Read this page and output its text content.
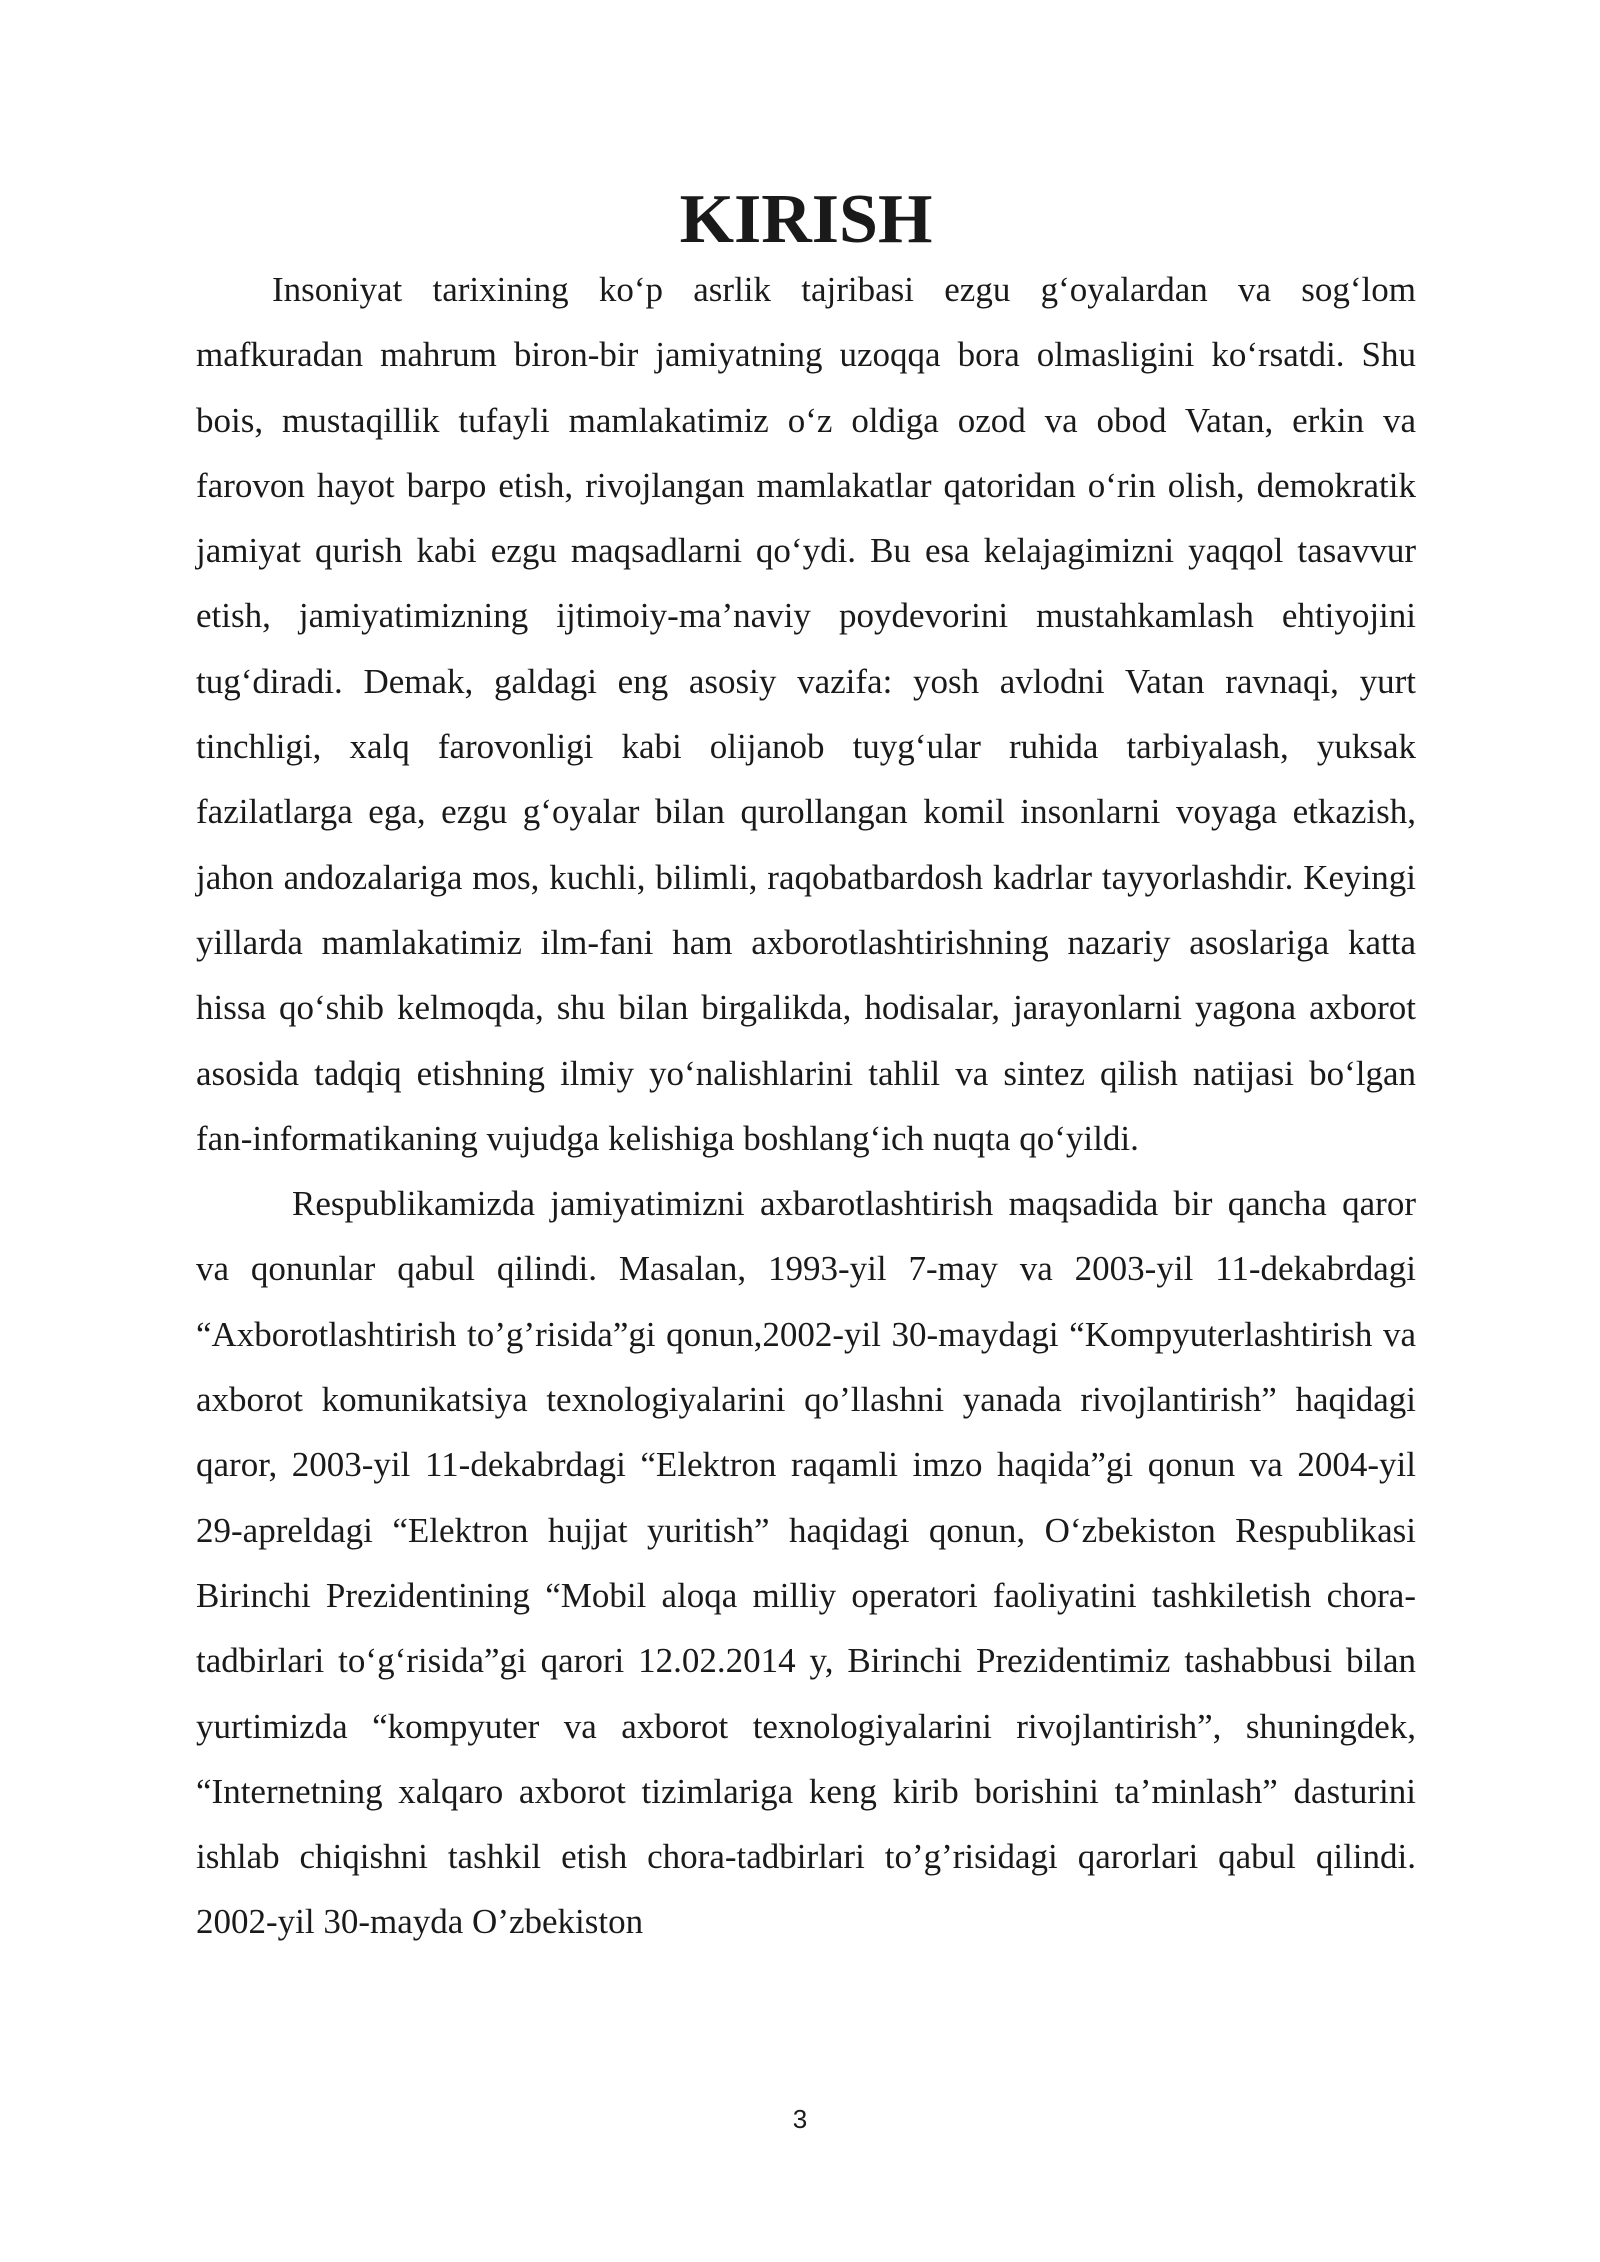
KIRISH

Insoniyat tarixining ko‘p asrlik tajribasi ezgu g‘oyalardan va sog‘lom mafkuradan mahrum biron-bir jamiyatning uzoqqa bora olmasligini ko‘rsatdi. Shu bois, mustaqillik tufayli mamlakatimiz o‘z oldiga ozod va obod Vatan, erkin va farovon hayot barpo etish, rivojlangan mamlakatlar qatoridan o‘rin olish, demokratik jamiyat qurish kabi ezgu maqsadlarni qo‘ydi. Bu esa kelajagimizni yaqqol tasavvur etish, jamiyatimizning ijtimoiy-ma’naviy poydevorini mustahkamlash ehtiyojini tug‘diradi. Demak, galdagi eng asosiy vazifa: yosh avlodni Vatan ravnaqi, yurt tinchligi, xalq farovonligi kabi olijanob tuyg‘ular ruhida tarbiyalash, yuksak fazilatlarga ega, ezgu g‘oyalar bilan qurollangan komil insonlarni voyaga etkazish, jahon andozalariga mos, kuchli, bilimli, raqobatbardosh kadrlar tayyorlashdir. Keyingi yillarda mamlakatimiz ilm-fani ham axborotlashtirishning nazariy asoslariga katta hissa qo‘shib kelmoqda, shu bilan birgalikda, hodisalar, jarayonlarni yagona axborot asosida tadqiq etishning ilmiy yo‘nalishlarini tahlil va sintez qilish natijasi bo‘lgan fan-informatikaning vujudga kelishiga boshlang‘ich nuqta qo‘yildi.

Respublikamizda jamiyatimizni axbarotlashtirish maqsadida bir qancha qaror va qonunlar qabul qilindi. Masalan, 1993-yil 7-may va 2003-yil 11-dekabrdagi “Axborotlashtirish to’g’risida”gi qonun,2002-yil 30-maydagi “Kompyuterlashtirish va axborot komunikatsiya texnologiyalarini qo’llashni yanada rivojlantirish” haqidagi qaror, 2003-yil 11-dekabrdagi “Elektron raqamli imzo haqida”gi qonun va 2004-yil 29-apreldagi “Elektron hujjat yuritish” haqidagi qonun, O‘zbekiston Respublikasi Birinchi Prezidentining “Mobil aloqa milliy operatori faoliyatini tashkiletish chora-tadbirlari to‘g‘risida”gi qarori 12.02.2014 y, Birinchi Prezidentimiz tashabbusi bilan yurtimizda “kompyuter va axborot texnologiyalarini rivojlantirish”, shuningdek, “Internetning xalqaro axborot tizimlariga keng kirib borishini ta’minlash” dasturini ishlab chiqishni tashkil etish chora-tadbirlari to’g’risidagi qarorlari qabul qilindi. 2002-yil 30-mayda O’zbekiston

3
